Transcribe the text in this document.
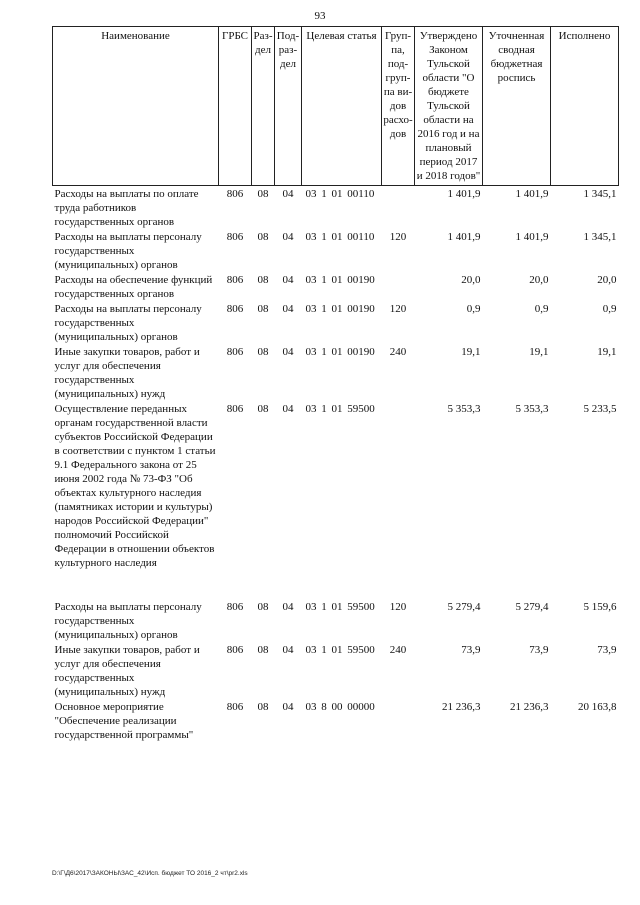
93
Наименование	ГРБС	Раз-дел	Под-раз-дел	Целевая статья	Груп-па, под-груп-па ви-дов расхо-дов	Утверждено Законом Тульской области "О бюджете Тульской области на 2016 год и на плановый период 2017 и 2018 годов"	Уточненная сводная бюджетная роспись	Исполнено
Расходы на выплаты по оплате труда работников государственных органов	806	08	04	03 1 01 00110		1 401,9	1 401,9	1 345,1
Расходы на выплаты персоналу государственных (муниципальных) органов	806	08	04	03 1 01 00110	120	1 401,9	1 401,9	1 345,1
Расходы на обеспечение функций государственных органов	806	08	04	03 1 01 00190		20,0	20,0	20,0
Расходы на выплаты персоналу государственных (муниципальных) органов	806	08	04	03 1 01 00190	120	0,9	0,9	0,9
Иные закупки товаров, работ и услуг для обеспечения государственных (муниципальных) нужд	806	08	04	03 1 01 00190	240	19,1	19,1	19,1
Осуществление переданных органам государственной власти субъектов Российской Федерации в соответствии с пунктом 1 статьи 9.1 Федерального закона от 25 июня 2002 года № 73-ФЗ "Об объектах культурного наследия (памятниках истории и культуры) народов Российской Федерации" полномочий Российской Федерации в отношении объектов культурного наследия	806	08	04	03 1 01 59500		5 353,3	5 353,3	5 233,5

Расходы на выплаты персоналу государственных (муниципальных) органов	806	08	04	03 1 01 59500	120	5 279,4	5 279,4	5 159,6
Иные закупки товаров, работ и услуг для обеспечения государственных (муниципальных) нужд	806	08	04	03 1 01 59500	240	73,9	73,9	73,9
Основное мероприятие "Обеспечение реализации государственной программы"	806	08	04	03 8 00 00000		21 236,3	21 236,3	20 163,8
D:\Г\Д6\2017\ЗАКОНЫ\ЗАС_42\Исп. бюджет ТО 2016_2 чт\pr2.xls
